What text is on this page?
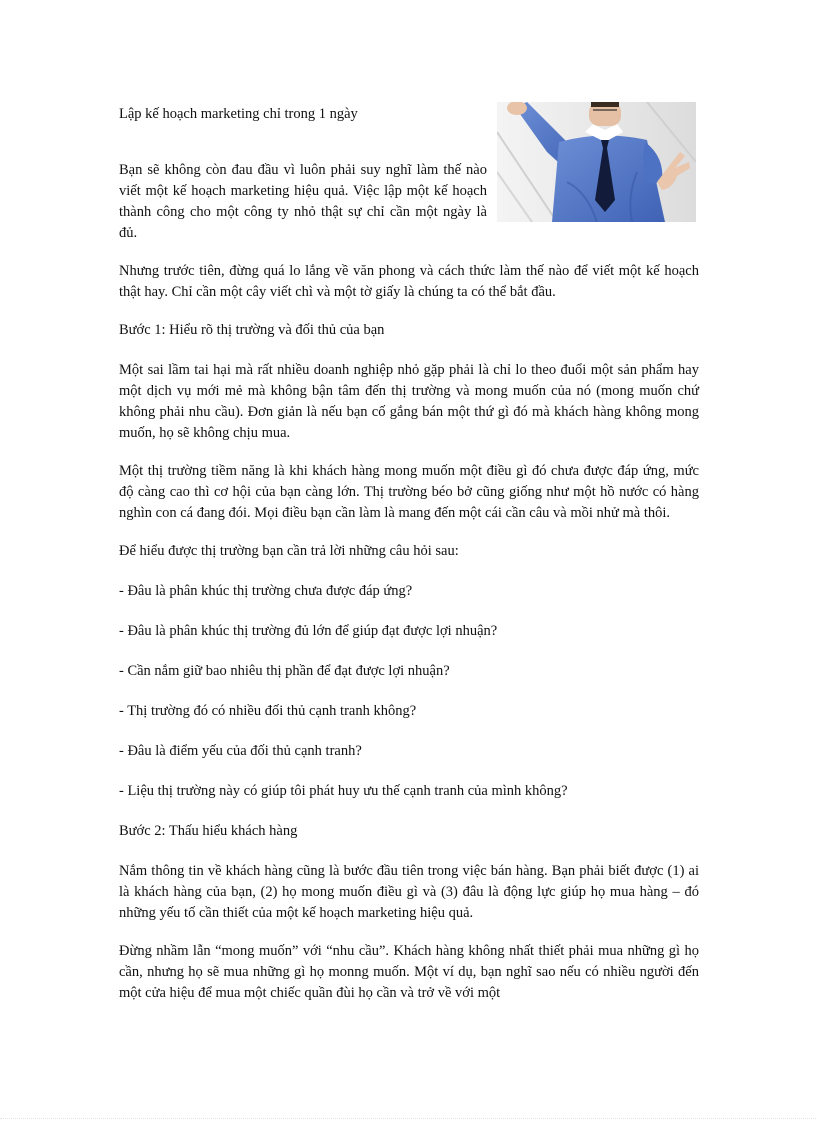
Lập kế hoạch marketing chỉ trong 1 ngày
Bạn sẽ không còn đau đầu vì luôn phải suy nghĩ làm thế nào viết một kế hoạch marketing hiệu quả. Việc lập một kế hoạch thành công cho một công ty nhỏ thật sự chỉ cần một ngày là đủ.

Nhưng trước tiên, đừng quá lo lắng về văn phong và cách thức làm thế nào để viết một kế hoạch thật hay. Chỉ cần một cây viết chì và một tờ giấy là chúng ta có thể bắt đầu.

Bước 1: Hiểu rõ thị trường và đối thủ của bạn

Một sai lầm tai hại mà rất nhiều doanh nghiệp nhỏ gặp phải là chỉ lo theo đuổi một sản phẩm hay một dịch vụ mới mẻ mà không bận tâm đến thị trường và mong muốn của nó (mong muốn chứ không phải nhu cầu). Đơn giản là nếu bạn cố gắng bán một thứ gì đó mà khách hàng không mong muốn, họ sẽ không chịu mua.

Một thị trường tiềm năng là khi khách hàng mong muốn một điều gì đó chưa được đáp ứng, mức độ càng cao thì cơ hội của bạn càng lớn. Thị trường béo bở cũng giống như một hồ nước có hàng nghìn con cá đang đói. Mọi điều bạn cần làm là mang đến một cái cần câu và mồi nhử mà thôi.

Để hiểu được thị trường bạn cần trả lời những câu hỏi sau:

- Đâu là phân khúc thị trường chưa được đáp ứng?

- Đâu là phân khúc thị trường đủ lớn để giúp đạt được lợi nhuận?

- Cần nắm giữ bao nhiêu thị phần để đạt được lợi nhuận?

- Thị trường đó có nhiều đối thủ cạnh tranh không?

- Đâu là điểm yếu của đối thủ cạnh tranh?

- Liệu thị trường này có giúp tôi phát huy ưu thế cạnh tranh của mình không?

Bước 2: Thấu hiểu khách hàng

Nắm thông tin về khách hàng cũng là bước đầu tiên trong việc bán hàng. Bạn phải biết được (1) ai là khách hàng của bạn, (2) họ mong muốn điều gì và (3) đâu là động lực giúp họ mua hàng – đó những yếu tố cần thiết của một kế hoạch marketing hiệu quả.

Đừng nhầm lẫn “mong muốn” với “nhu cầu”. Khách hàng không nhất thiết phải mua những gì họ cần, nhưng họ sẽ mua những gì họ monng muốn. Một ví dụ, bạn nghĩ sao nếu có nhiều người đến một cửa hiệu để mua một chiếc quần đùi họ cần và trở về với một
